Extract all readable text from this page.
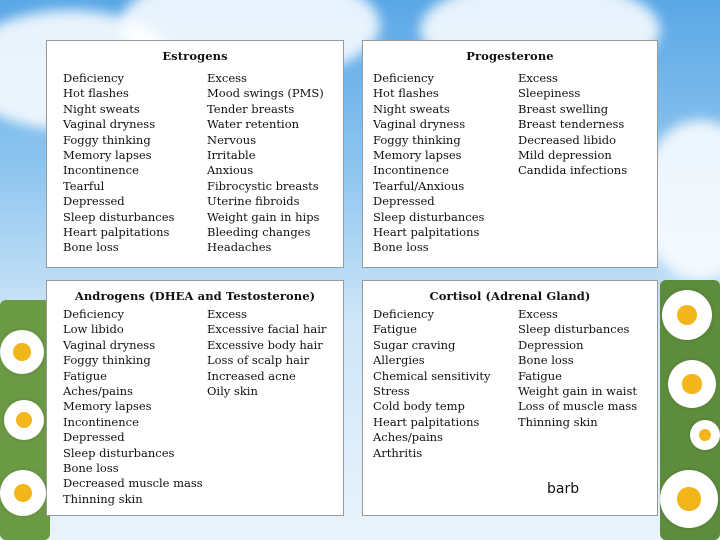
Estrogens
Deficiency
Hot flashes
Night sweats
Vaginal dryness
Foggy thinking
Memory lapses
Incontinence
Tearful
Depressed
Sleep disturbances
Heart palpitations
Bone loss
Excess
Mood swings (PMS)
Tender breasts
Water retention
Nervous
Irritable
Anxious
Fibrocystic breasts
Uterine fibroids
Weight gain in hips
Bleeding changes
Headaches
Progesterone
Deficiency
Hot flashes
Night sweats
Vaginal dryness
Foggy thinking
Memory lapses
Incontinence
Tearful/Anxious
Depressed
Sleep disturbances
Heart palpitations
Bone loss
Excess
Sleepiness
Breast swelling
Breast tenderness
Decreased libido
Mild depression
Candida infections
Androgens (DHEA and Testosterone)
Deficiency
Low libido
Vaginal dryness
Foggy thinking
Fatigue
Aches/pains
Memory lapses
Incontinence
Depressed
Sleep disturbances
Bone loss
Decreased muscle mass
Thinning skin
Excess
Excessive facial hair
Excessive body hair
Loss of scalp hair
Increased acne
Oily skin
Cortisol (Adrenal Gland)
Deficiency
Fatigue
Sugar craving
Allergies
Chemical sensitivity
Stress
Cold body temp
Heart palpitations
Aches/pains
Arthritis
Excess
Sleep disturbances
Depression
Bone loss
Fatigue
Weight gain in waist
Loss of muscle mass
Thinning skin
barb
